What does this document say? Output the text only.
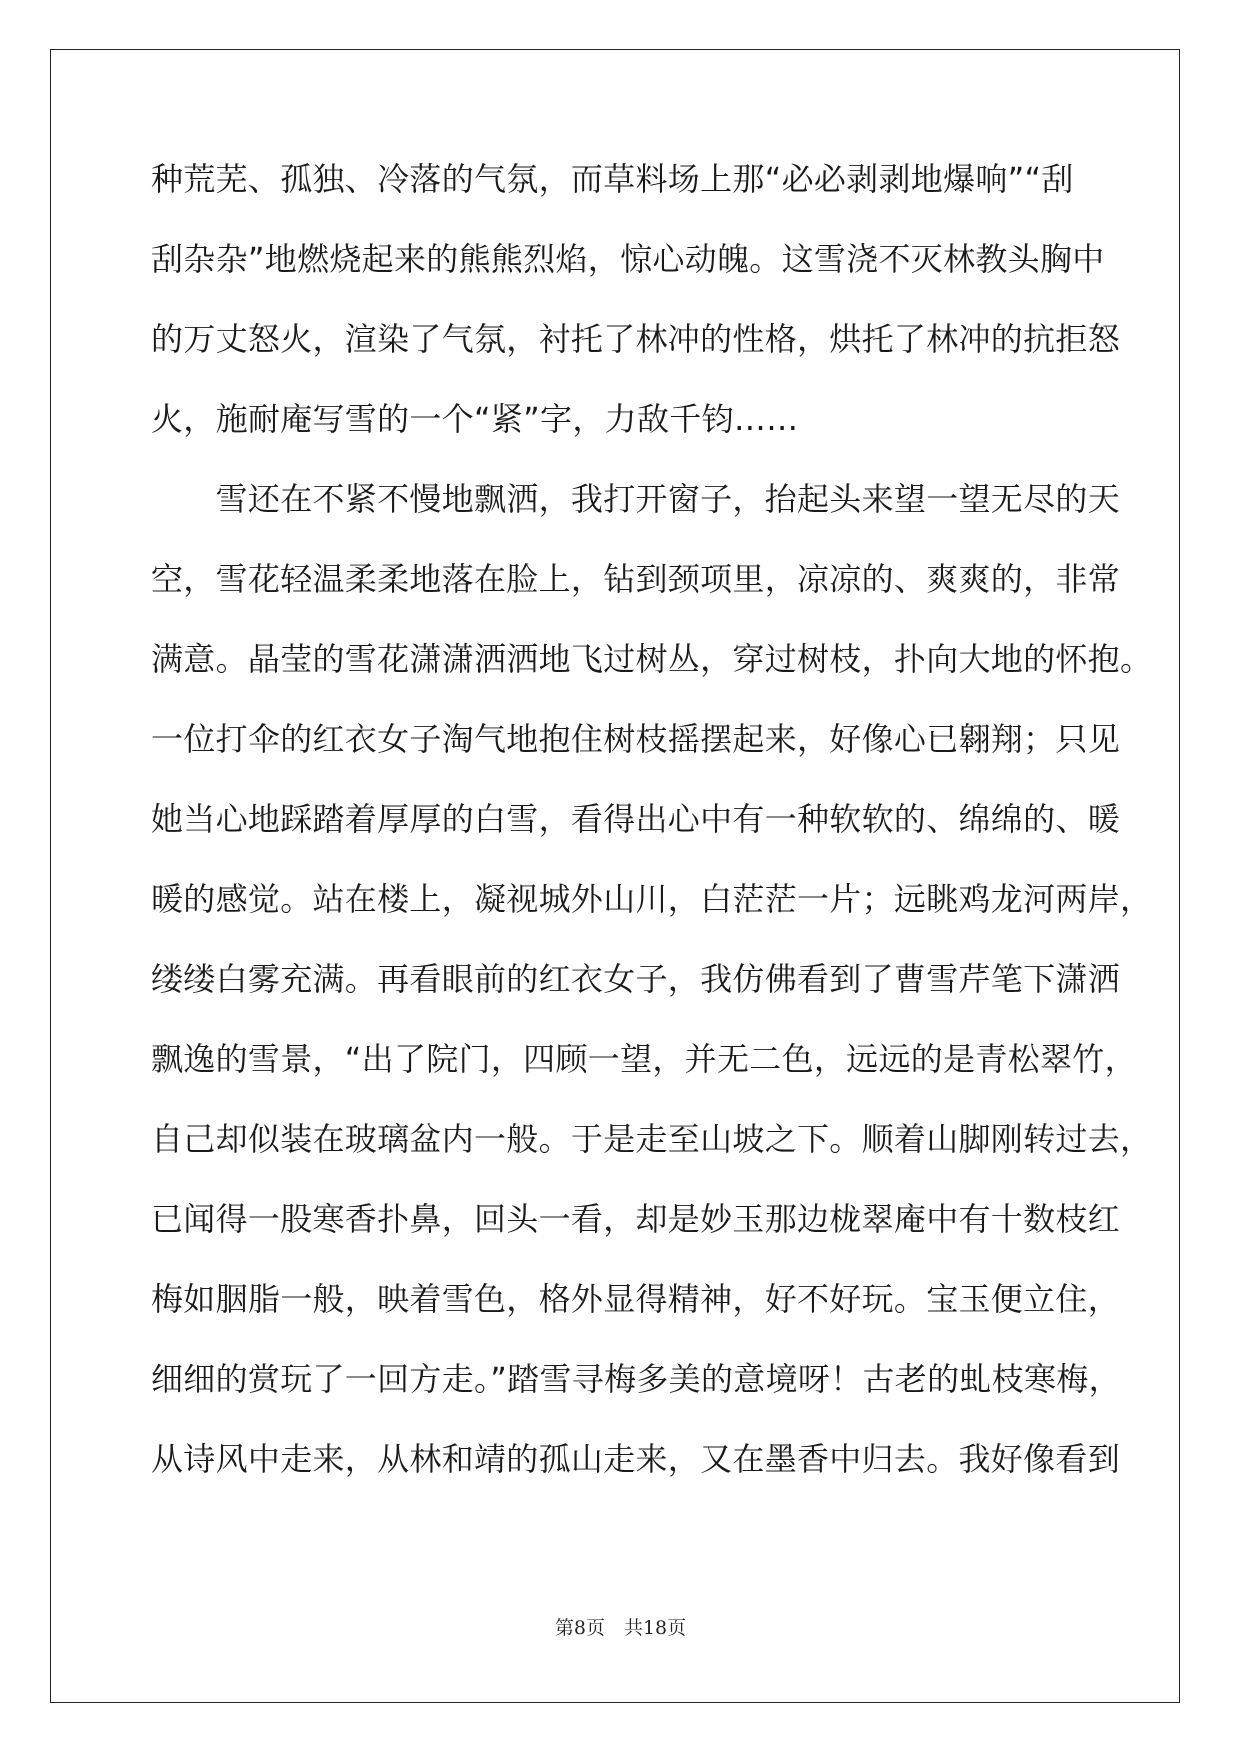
种荒芜、孤独、冷落的气氛，而草料场上那“必必剥剥地爆响”“刮
刮杂杂”地燃烧起来的熊熊烈焰，惊心动魄。这雪浇不灭林教头胸中
的万丈怒火，渲染了气氛，衬托了林冲的性格，烘托了林冲的抗拒怒
火，施耐庵写雪的一个“紧”字，力敌千钧……
　　雪还在不紧不慢地飘洒，我打开窗子，抬起头来望一望无尽的天
空，雪花轻温柔柔地落在脸上，钻到颈项里，凉凉的、爽爽的，非常
满意。晶莹的雪花潇潇洒洒地飞过树丛，穿过树枝，扑向大地的怀抱。
一位打伞的红衣女子淘气地抱住树枝摇摆起来，好像心已翱翔；只见
她当心地踩踏着厚厚的白雪，看得出心中有一种软软的、绵绵的、暖
暖的感觉。站在楼上，凝视城外山川，白茫茫一片；远眺鸡龙河两岸，
缕缕白雾充满。再看眼前的红衣女子，我仿佛看到了曹雪芹笔下潇洒
飘逸的雪景，“出了院门，四顾一望，并无二色，远远的是青松翠竹，
自己却似装在玻璃盆内一般。于是走至山坡之下。顺着山脚刚转过去，
已闻得一股寒香扑鼻，回头一看，却是妙玉那边栊翠庵中有十数枝红
梅如胭脂一般，映着雪色，格外显得精神，好不好玩。宝玉便立住，
细细的赏玩了一回方走。”踏雪寻梅多美的意境呀！古老的虬枝寒梅，
从诗风中走来，从林和靖的孤山走来，又在墨香中归去。我好像看到
第8页　共18页
